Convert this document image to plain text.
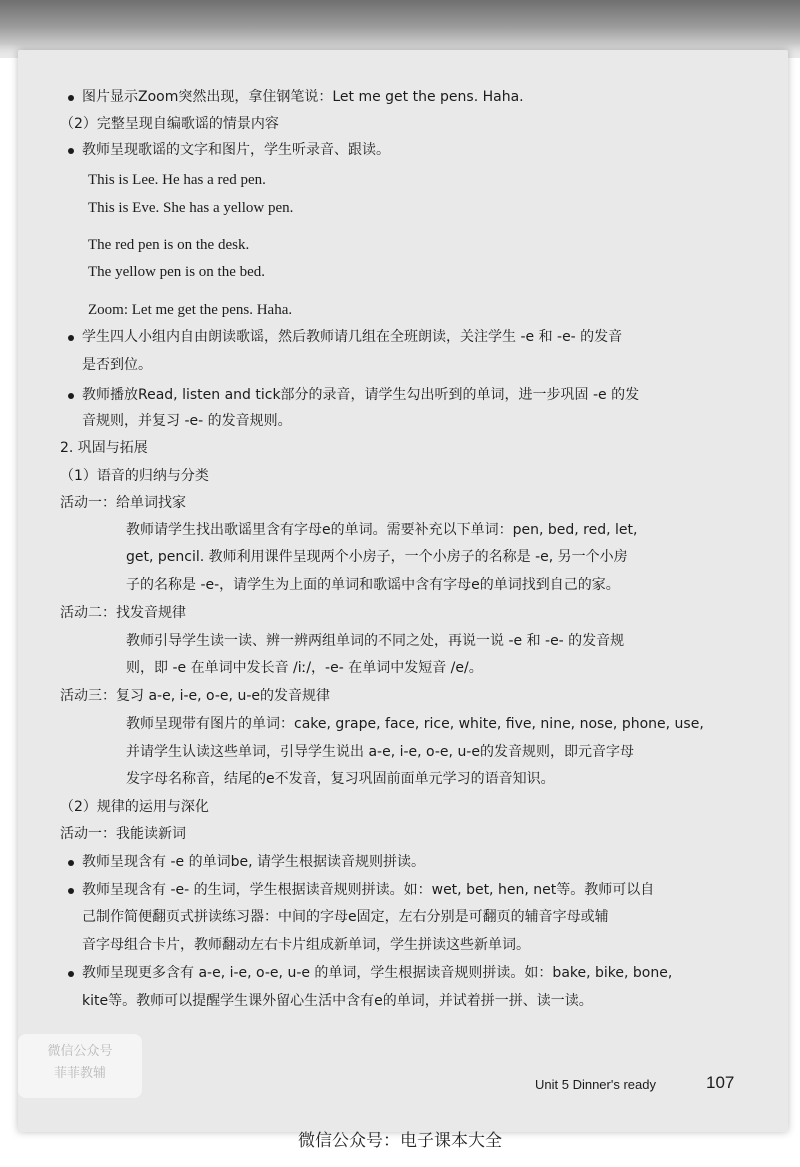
图片显示Zoom突然出现，拿住钢笔说：Let me get the pens. Haha.
（2）完整呈现自编歌谣的情景内容
教师呈现歌谣的文字和图片，学生听录音、跟读。
This is Lee. He has a red pen.
This is Eve. She has a yellow pen.
The red pen is on the desk.
The yellow pen is on the bed.
Zoom: Let me get the pens. Haha.
学生四人小组内自由朗读歌谣，然后教师请几组在全班朗读，关注学生 -e 和 -e- 的发音
是否到位。
教师播放Read, listen and tick部分的录音，请学生勾出听到的单词，进一步巩固 -e 的发
音规则，并复习 -e- 的发音规则。
2. 巩固与拓展
（1）语音的归纳与分类
活动一：给单词找家
教师请学生找出歌谣里含有字母e的单词。需要补充以下单词：pen, bed, red, let,
get, pencil. 教师利用课件呈现两个小房子，一个小房子的名称是 -e, 另一个小房
子的名称是 -e-，请学生为上面的单词和歌谣中含有字母e的单词找到自己的家。
活动二：找发音规律
教师引导学生读一读、辨一辨两组单词的不同之处，再说一说 -e 和 -e- 的发音规
则，即 -e 在单词中发长音 /iː/，-e- 在单词中发短音 /e/。
活动三：复习 a-e, i-e, o-e, u-e的发音规律
教师呈现带有图片的单词：cake, grape, face, rice, white, five, nine, nose, phone, use,
并请学生认读这些单词，引导学生说出 a-e, i-e, o-e, u-e的发音规则，即元音字母
发字母名称音，结尾的e不发音，复习巩固前面单元学习的语音知识。
（2）规律的运用与深化
活动一：我能读新词
教师呈现含有 -e 的单词be, 请学生根据读音规则拼读。
教师呈现含有 -e- 的生词，学生根据读音规则拼读。如：wet, bet, hen, net等。教师可以自
己制作简便翻页式拼读练习器：中间的字母e固定，左右分别是可翻页的辅音字母或辅
音字母组合卡片，教师翻动左右卡片组成新单词，学生拼读这些新单词。
教师呈现更多含有 a-e, i-e, o-e, u-e 的单词，学生根据读音规则拼读。如：bake, bike, bone,
kite等。教师可以提醒学生课外留心生活中含有e的单词，并试着拼一拼、读一读。
Unit 5 Dinner's ready	107
微信公众号
菲菲教辅
微信公众号：电子课本大全
